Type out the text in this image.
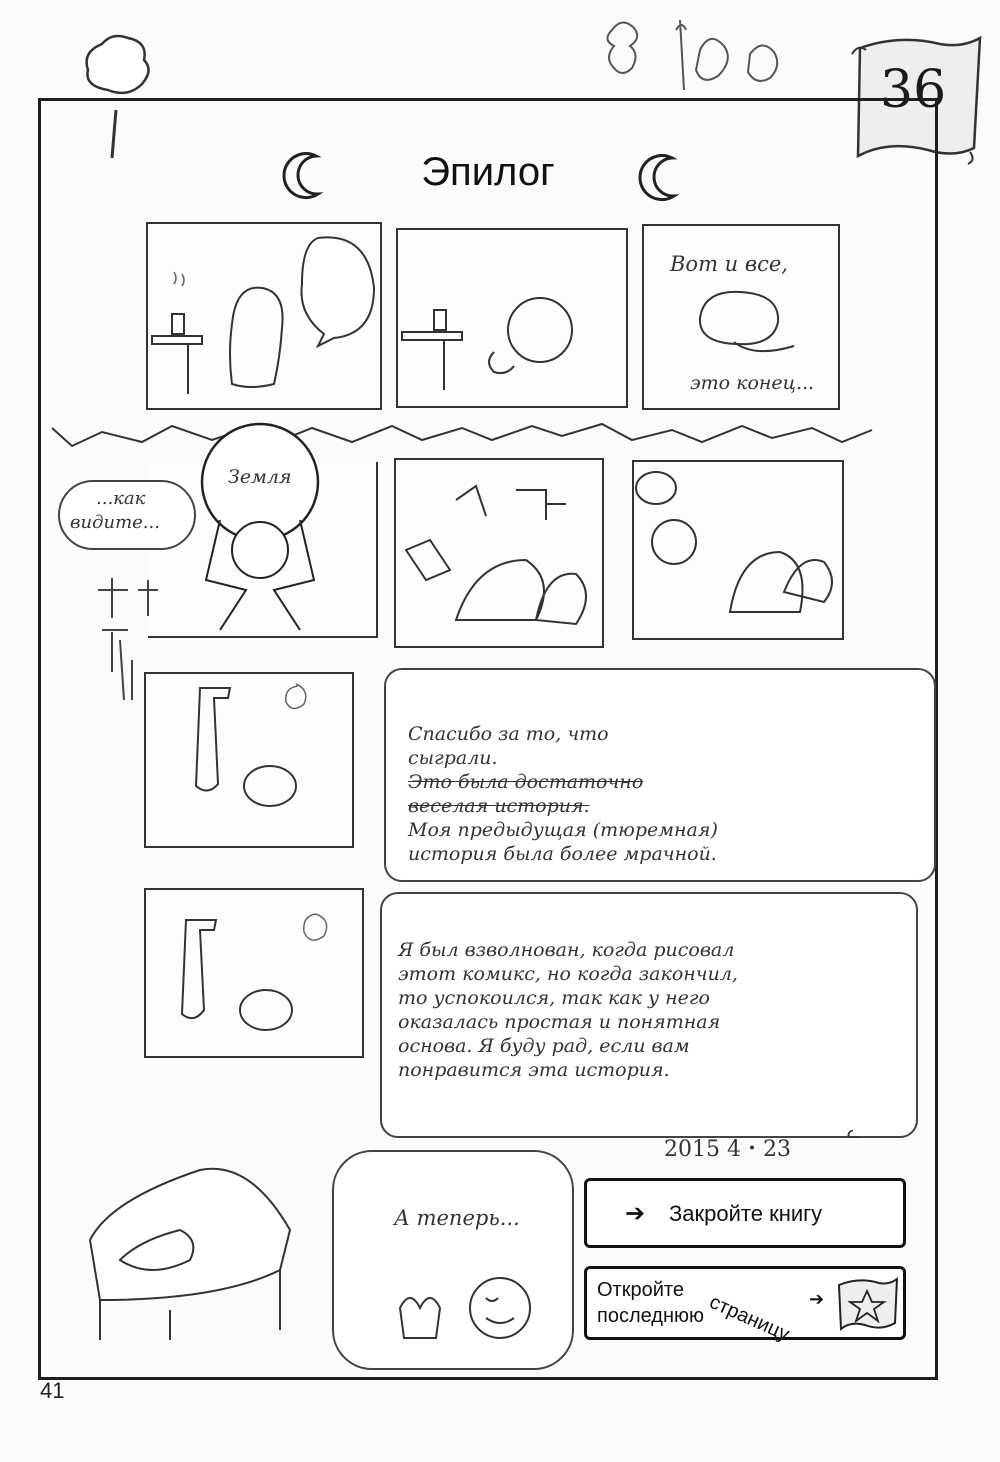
36
Эпилог
Вот и все,
это конец...
Земля
...как
видите...
Спасибо за то, что
сыграли.
Это была достаточно
веселая история.
Моя предыдущая (тюремная)
история была более мрачной.
Я был взволнован, когда рисовал
этот комикс, но когда закончил,
то успокоился, так как у него
оказалась простая и понятная
основа. Я буду рад, если вам
понравится эта история.
2015 4・23
ᓚ
А теперь...	➔ Закройте книгу
Откройте
последнюю страницу ➔
41
